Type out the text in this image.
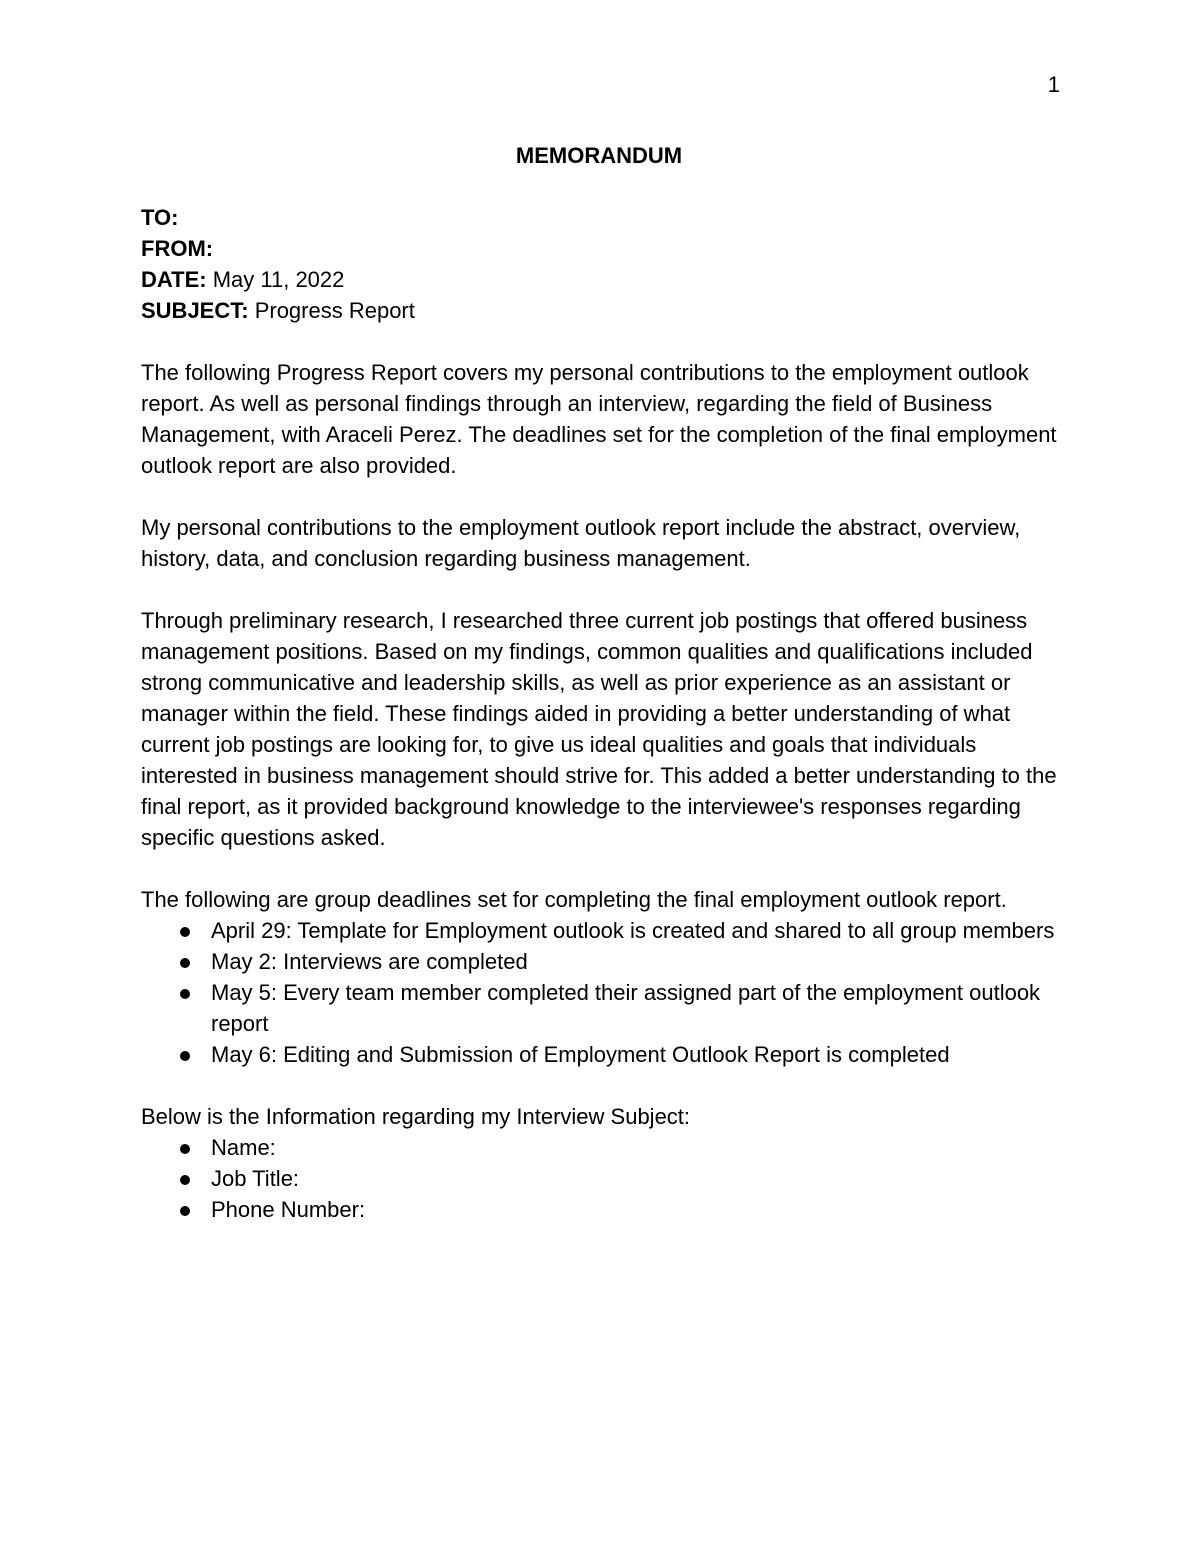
1
MEMORANDUM
TO:
FROM:
DATE: May 11, 2022
SUBJECT: Progress Report

The following Progress Report covers my personal contributions to the employment outlook report. As well as personal findings through an interview, regarding the field of Business Management, with Araceli Perez. The deadlines set for the completion of the final employment outlook report are also provided.

My personal contributions to the employment outlook report include the abstract, overview, history, data, and conclusion regarding business management.

Through preliminary research, I researched three current job postings that offered business management positions. Based on my findings, common qualities and qualifications included strong communicative and leadership skills, as well as prior experience as an assistant or manager within the field. These findings aided in providing a better understanding of what current job postings are looking for, to give us ideal qualities and goals that individuals interested in business management should strive for. This added a better understanding to the final report, as it provided background knowledge to the interviewee's responses regarding specific questions asked.

The following are group deadlines set for completing the final employment outlook report.

April 29: Template for Employment outlook is created and shared to all group members
May 2: Interviews are completed
May 5: Every team member completed their assigned part of the employment outlook report
May 6: Editing and Submission of Employment Outlook Report is completed

Below is the Information regarding my Interview Subject:

Name:
Job Title:
Phone Number:
